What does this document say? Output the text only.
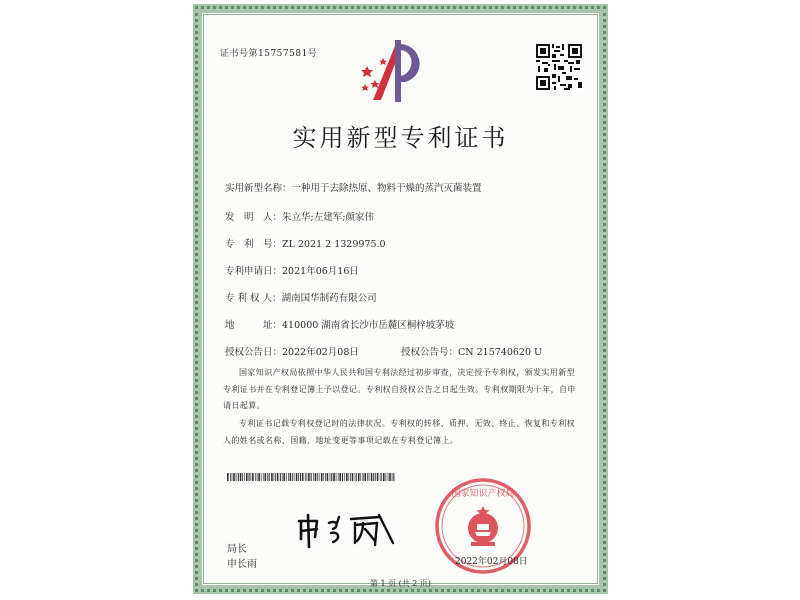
证书号第15757581号
实用新型专利证书
实用新型名称：一种用于去除热原、物料干燥的蒸汽灭菌装置
发　明　人：朱立华;左建军;颜家伟
专　利　号：ZL 2021 2 1329975.0
专利申请日：2021年06月16日
专 利 权 人：湖南国华制药有限公司
地　　　址：410000 湖南省长沙市岳麓区桐梓坡茅坡
授权公告日：2022年02月08日	授权公告号：CN 215740620 U
国家知识产权局依照中华人民共和国专利法经过初步审查，决定授予专利权，颁发实用新型专利证书并在专利登记簿上予以登记。专利权自授权公告之日起生效。专利权期限为十年，自申请日起算。
专利证书记载专利权登记时的法律状况。专利权的转移、质押、无效、终止、恢复和专利权人的姓名或名称、国籍、地址变更等事项记载在专利登记簿上。
国家知识产权局
2022年02月08日
局长
申长雨
第 1 页 (共 2 页)
